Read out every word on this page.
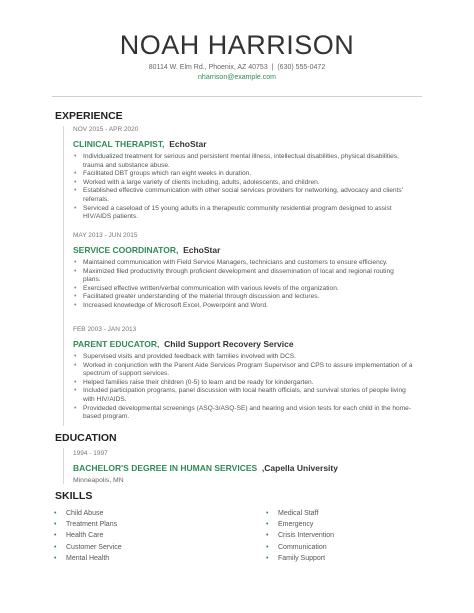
NOAH HARRISON
80114 W. Elm Rd., Phoenix, AZ 40753  |  (630) 555-0472
nharrison@example.com
EXPERIENCE
NOV 2015 - APR 2020
CLINICAL THERAPIST, EchoStar
• Individualized treatment for serious and persistent mental illness, intellectual disabilities, physical disabilities, trauma and substance abuse.
• Facilitated DBT groups which ran eight weeks in duration.
• Worked with a large variety of clients including, adults, adolescents, and children.
• Established effective communication with other social services providers for networking, advocacy and clients' referrals.
• Serviced a caseload of 15 young adults in a therapeutic community residential program designed to assist HIV/AIDS patients.
MAY 2013 - JUN 2015
SERVICE COORDINATOR, EchoStar
• Maintained communication with Field Service Managers, technicians and customers to ensure efficiency.
• Maximized filed productivity through proficient development and dissemination of local and regional routing plans.
• Exercised effective written/verbal communication with various levels of the organization.
• Facilitated greater understanding of the material through discussion and lectures.
• Increased knowledge of Microsoft Excel, Powerpoint and Word.
FEB 2003 - JAN 2013
PARENT EDUCATOR, Child Support Recovery Service
• Supervised visits and provided feedback with families involved with DCS.
• Worked in conjunction with the Parent Aide Services Program Supervisor and CPS to assure implementation of a spectrum of support services.
• Helped families raise their children (0-5) to learn and be ready for kindergarten.
• Included participation programs, panel discussion with local health officials, and survival stories of people living with HIV/AIDS.
• Provideded developmental screenings (ASQ-3/ASQ-SE) and hearing and vision tests for each child in the home-based program.
EDUCATION
1994 - 1997
BACHELOR'S DEGREE IN HUMAN SERVICES ,Capella University
Minneapolis, MN
SKILLS
• Child Abuse
• Treatment Plans
• Health Care
• Customer Service
• Mental Health
• Medical Staff
• Emergency
• Crisis Intervention
• Communication
• Family Support
